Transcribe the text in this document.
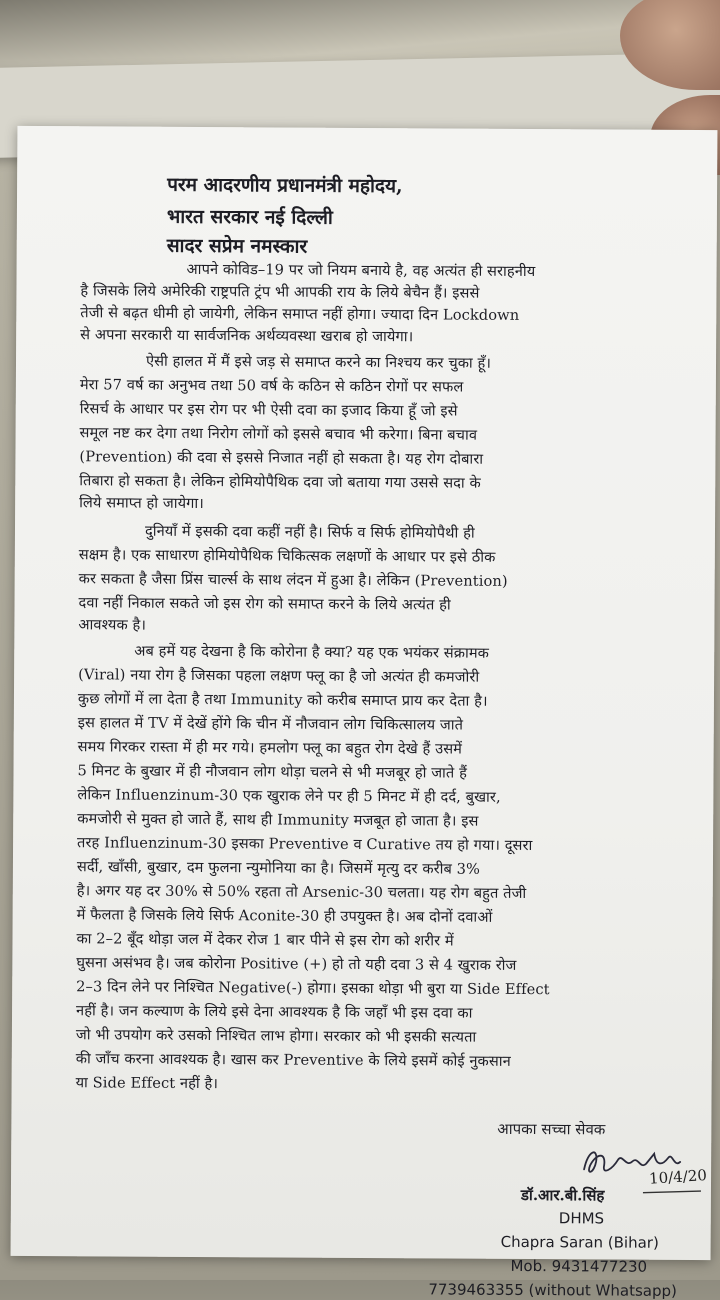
परम आदरणीय प्रधानमंत्री महोदय,
भारत सरकार नई दिल्ली
सादर सप्रेम नमस्कार
आपने कोविड–19 पर जो नियम बनाये है, वह अत्यंत ही सराहनीय
है जिसके लिये अमेरिकी राष्ट्रपति ट्रंप भी आपकी राय के लिये बेचैन हैं। इससे
तेजी से बढ़त धीमी हो जायेगी, लेकिन समाप्त नहीं होगा। ज्यादा दिन Lockdown
से अपना सरकारी या सार्वजनिक अर्थव्यवस्था खराब हो जायेगा।
ऐसी हालत में मैं इसे जड़ से समाप्त करने का निश्चय कर चुका हूँ।
मेरा 57 वर्ष का अनुभव तथा 50 वर्ष के कठिन से कठिन रोगों पर सफल
रिसर्च के आधार पर इस रोग पर भी ऐसी दवा का इजाद किया हूँ जो इसे
समूल नष्ट कर देगा तथा निरोग लोगों को इससे बचाव भी करेगा। बिना बचाव
(Prevention) की दवा से इससे निजात नहीं हो सकता है। यह रोग दोबारा
तिबारा हो सकता है। लेकिन होमियोपैथिक दवा जो बताया गया उससे सदा के
लिये समाप्त हो जायेगा।
दुनियाँ में इसकी दवा कहीं नहीं है। सिर्फ व सिर्फ होमियोपैथी ही
सक्षम है। एक साधारण होमियोपैथिक चिकित्सक लक्षणों के आधार पर इसे ठीक
कर सकता है जैसा प्रिंस चार्ल्स के साथ लंदन में हुआ है। लेकिन (Prevention)
दवा नहीं निकाल सकते जो इस रोग को समाप्त करने के लिये अत्यंत ही
आवश्यक है।
अब हमें यह देखना है कि कोरोना है क्या? यह एक भयंकर संक्रामक
(Viral) नया रोग है जिसका पहला लक्षण फ्लू का है जो अत्यंत ही कमजोरी
कुछ लोगों में ला देता है तथा Immunity को करीब समाप्त प्राय कर देता है।
इस हालत में TV में देखें होंगे कि चीन में नौजवान लोग चिकित्सालय जाते
समय गिरकर रास्ता में ही मर गये। हमलोग फ्लू का बहुत रोग देखे हैं उसमें
5 मिनट के बुखार में ही नौजवान लोग थोड़ा चलने से भी मजबूर हो जाते हैं
लेकिन Influenzinum-30 एक खुराक लेने पर ही 5 मिनट में ही दर्द, बुखार,
कमजोरी से मुक्त हो जाते हैं, साथ ही Immunity मजबूत हो जाता है। इस
तरह Influenzinum-30 इसका Preventive व Curative तय हो गया। दूसरा
सर्दी, खाँसी, बुखार, दम फुलना न्युमोनिया का है। जिसमें मृत्यु दर करीब 3%
है। अगर यह दर 30% से 50% रहता तो Arsenic-30 चलता। यह रोग बहुत तेजी
में फैलता है जिसके लिये सिर्फ Aconite-30 ही उपयुक्त है। अब दोनों दवाओं
का 2–2 बूँद थोड़ा जल में देकर रोज 1 बार पीने से इस रोग को शरीर में
घुसना असंभव है। जब कोरोना Positive (+) हो तो यही दवा 3 से 4 खुराक रोज
2–3 दिन लेने पर निश्चित Negative(-) होगा। इसका थोड़ा भी बुरा या Side Effect
नहीं है। जन कल्याण के लिये इसे देना आवश्यक है कि जहाँ भी इस दवा का
जो भी उपयोग करे उसको निश्चित लाभ होगा। सरकार को भी इसकी सत्यता
की जाँच करना आवश्यक है। खास कर Preventive के लिये इसमें कोई नुकसान
या Side Effect नहीं है।
आपका सच्चा सेवक
10/4/20
डॉ.आर.बी.सिंह
DHMS
Chapra Saran (Bihar)
Mob. 9431477230
7739463355 (without Whatsapp)
